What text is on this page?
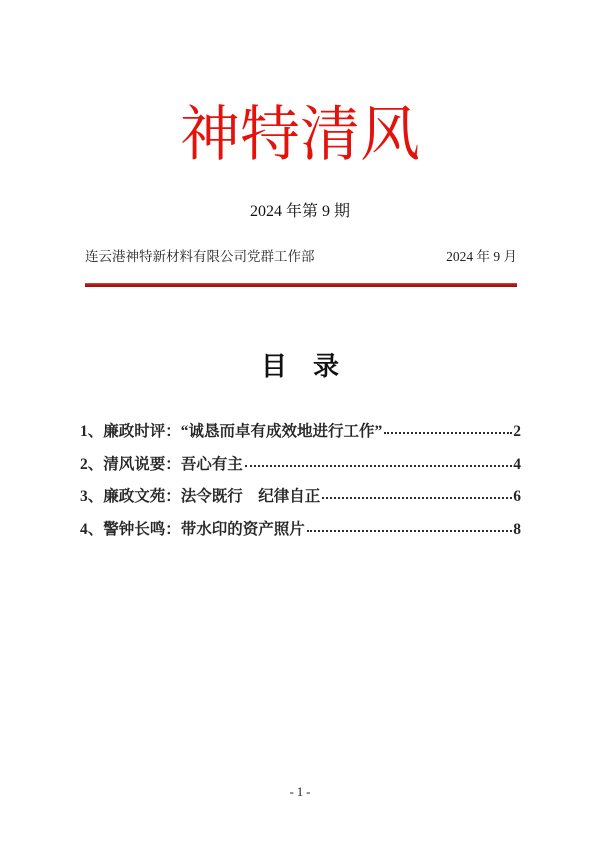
神特清风
2024 年第 9 期
连云港神特新材料有限公司党群工作部	2024 年 9 月
目　录
1、廉政时评：“诚恳而卓有成效地进行工作”	2
2、清风说要：吾心有主	4
3、廉政文苑：法令既行　纪律自正	6
4、警钟长鸣：带水印的资产照片	8
- 1 -
